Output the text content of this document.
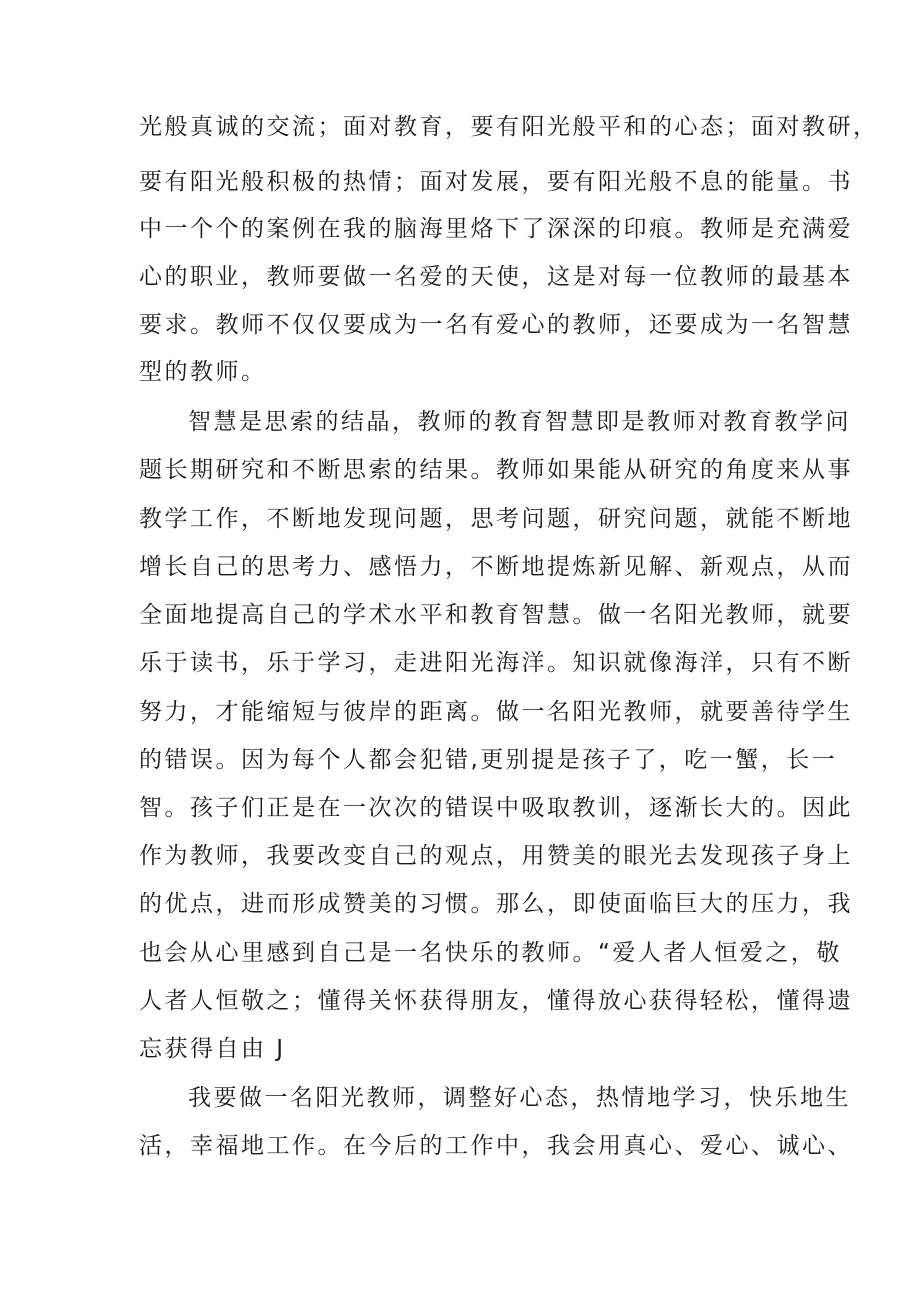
光般真诚的交流；面对教育，要有阳光般平和的心态；面对教研，
要有阳光般积极的热情；面对发展，要有阳光般不息的能量。书
中一个个的案例在我的脑海里烙下了深深的印痕。教师是充满爱
心的职业，教师要做一名爱的天使，这是对每一位教师的最基本
要求。教师不仅仅要成为一名有爱心的教师，还要成为一名智慧
型的教师。
智慧是思索的结晶，教师的教育智慧即是教师对教育教学问
题长期研究和不断思索的结果。教师如果能从研究的角度来从事
教学工作，不断地发现问题，思考问题，研究问题，就能不断地
增长自己的思考力、感悟力，不断地提炼新见解、新观点，从而
全面地提高自己的学术水平和教育智慧。做一名阳光教师，就要
乐于读书，乐于学习，走进阳光海洋。知识就像海洋，只有不断
努力，才能缩短与彼岸的距离。做一名阳光教师，就要善待学生
的错误。因为每个人都会犯错,更别提是孩子了，吃一蟹，长一
智。孩子们正是在一次次的错误中吸取教训，逐渐长大的。因此
作为教师，我要改变自己的观点，用赞美的眼光去发现孩子身上
的优点，进而形成赞美的习惯。那么，即使面临巨大的压力，我
也会从心里感到自己是一名快乐的教师。“爱人者人恒爱之，敬
人者人恒敬之；懂得关怀获得朋友，懂得放心获得轻松，懂得遗
忘获得自由 J
我要做一名阳光教师，调整好心态，热情地学习，快乐地生
活，幸福地工作。在今后的工作中，我会用真心、爱心、诚心、
